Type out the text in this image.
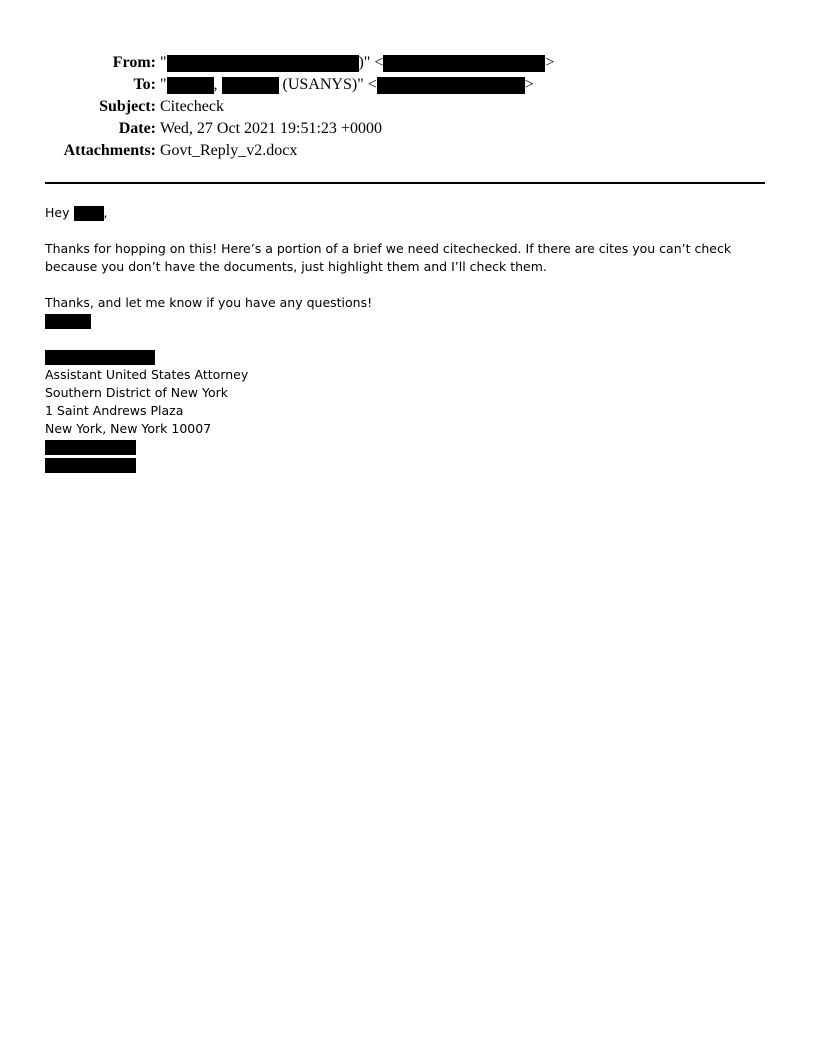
From: "	)" <	>
To: "	,	(USANYS)" <	>
Subject: Citecheck
Date: Wed, 27 Oct 2021 19:51:23 +0000
Attachments: Govt_Reply_v2.docx
Hey	,

Thanks for hopping on this! Here’s a portion of a brief we need citechecked. If there are cites you can’t check because you don’t have the documents, just highlight them and I’ll check them.

Thanks, and let me know if you have any questions!

Assistant United States Attorney
Southern District of New York
1 Saint Andrews Plaza
New York, New York 10007
